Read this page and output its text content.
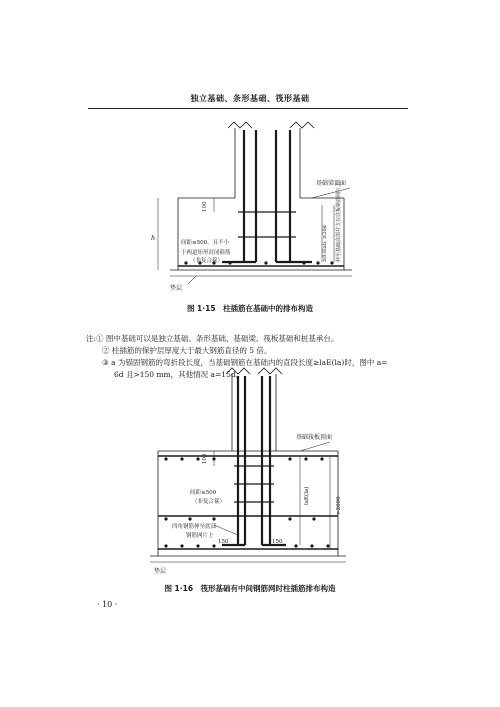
独立基础、条形基础、筏形基础
基础梁顶面
100
h
间距≤500，且不小
于两道矩形封闭箍筋
（非复合箍）	≥0.6lab, ≥20d 伸至基础底部并支在底板钢筋网片上
垫层
图 1·15　柱插筋在基础中的排布构造

注:① 图中基础可以是独立基础、条形基础、基础梁、筏板基础和桩基承台。

② 柱插筋的保护层厚度大于最大钢筋直径的 5 倍。

③ a 为锚固钢筋的弯折段长度，当基础钢筋在基础内的直段长度≥laE(la)时，图中 a=

6d 且>150 mm，其他情况 a=15d。

基础筏板顶面
100
间距≤500
（非复合箍）	laE(la)
>2000
四角钢筋伸至底部
钢筋网片上
150	150
垫层
图 1·16　筏形基础有中间钢筋网时柱插筋排布构造
· 10 ·
